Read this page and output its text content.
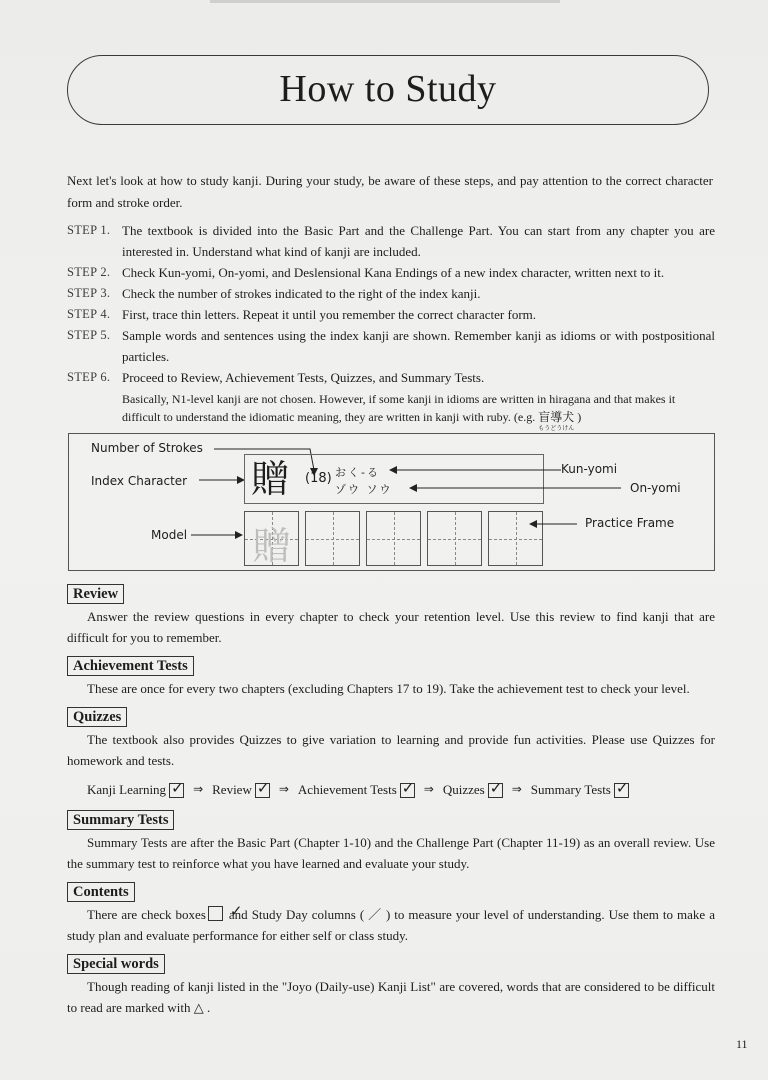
How to Study

Next let's look at how to study kanji. During your study, be aware of these steps, and pay attention to the correct character form and stroke order.

STEP 1. The textbook is divided into the Basic Part and the Challenge Part. You can start from any chapter you are interested in. Understand what kind of kanji are included.
STEP 2. Check Kun-yomi, On-yomi, and Deslensional Kana Endings of a new index character, written next to it.
STEP 3. Check the number of strokes indicated to the right of the index kanji.
STEP 4. First, trace thin letters. Repeat it until you remember the correct character form.
STEP 5. Sample words and sentences using the index kanji are shown. Remember kanji as idioms or with postpositional particles.
STEP 6. Proceed to Review, Achievement Tests, Quizzes, and Summary Tests.
Basically, N1-level kanji are not chosen. However, if some kanji in idioms are written in hiragana and that makes it difficult to understand the idiomatic meaning, they are written in kanji with ruby. (e.g. 盲導犬
もうどうけん
)
Number of Strokes
Index Character 贈 (18) おく-る
ゾウ ソウ
Kun-yomi
On-yomi
Model 贈
Practice Frame
Review

Answer the review questions in every chapter to check your retention level. Use this review to find kanji that are difficult for you to remember.

Achievement Tests

These are once for every two chapters (excluding Chapters 17 to 19). Take the achievement test to check your level.

Quizzes

The textbook also provides Quizzes to give variation to learning and provide fun activities. Please use Quizzes for homework and tests.

Kanji Learning ✓ ⇒ Review ✓ ⇒ Achievement Tests ✓ ⇒ Quizzes ✓ ⇒ Summary Tests
✓
Summary Tests

Summary Tests are after the Basic Part (Chapter 1-10) and the Challenge Part (Chapter 11-19) as an overall review. Use the summary test to reinforce what you have learned and evaluate your study.

Contents

There are check boxes✓ and Study Day columns ( ／ ) to measure your level of understanding. Use them to make a study plan and evaluate performance for either self or class study.

Special words

Though reading of kanji listed in the "Joyo (Daily-use) Kanji List" are covered, words that are considered to be difficult to read are marked with △ .

11
